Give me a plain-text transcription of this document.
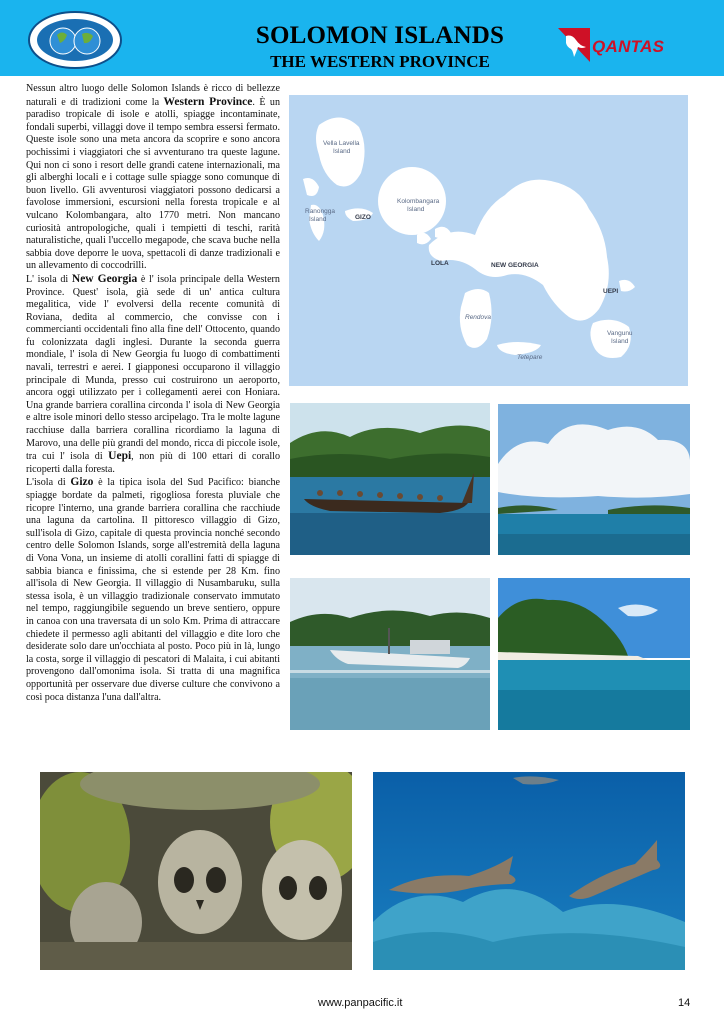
SOLOMON ISLANDS
THE WESTERN PROVINCE
QANTAS

Nessun altro luogo delle Solomon Islands è ricco di bellezze naturali e di tradizioni come la Western Province. È un paradiso tropicale di isole e atolli, spiagge incontaminate, fondali superbi, villaggi dove il tempo sembra essersi fermato. Queste isole sono una meta ancora da scoprire e sono ancora pochissimi i viaggiatori che si avventurano tra queste lagune. Qui non ci sono i resort delle grandi catene internazionali, ma gli alberghi locali e i cottage sulle spiagge sono comunque di buon livello. Gli avventurosi viaggiatori possono dedicarsi a favolose immersioni, escursioni nella foresta tropicale e al vulcano Kolombangara, alto 1770 metri. Non mancano curiosità antropologiche, quali i tempietti di teschi, rarità naturalistiche, quali l'uccello megapode, che scava buche nella sabbia dove deporre le uova, spettacoli di danze tradizionali e un allevamento di coccodrilli.

L' isola di New Georgia è l' isola principale della Western Province. Quest' isola, già sede di un' antica cultura megalitica, vide l' evolversi della recente comunità di Roviana, dedita al commercio, che convisse con i commercianti occidentali fino alla fine dell' Ottocento, quando fu colonizzata dagli inglesi. Durante la seconda guerra mondiale, l' isola di New Georgia fu luogo di combattimenti navali, terrestri e aerei. I giapponesi occuparono il villaggio principale di Munda, presso cui costruirono un aeroporto, ancora oggi utilizzato per i collegamenti aerei con Honiara. Una grande barriera corallina circonda l' isola di New Georgia e altre isole minori dello stesso arcipelago. Tra le molte lagune racchiuse dalla barriera corallina ricordiamo la laguna di Marovo, una delle più grandi del mondo, ricca di piccole isole, tra cui l' isola di Uepi, non più di 100 ettari di corallo ricoperti dalla foresta.

L'isola di Gizo è la tipica isola del Sud Pacifico: bianche spiagge bordate da palmeti, rigogliosa foresta pluviale che ricopre l'interno, una grande barriera corallina che racchiude una laguna da cartolina. Il pittoresco villaggio di Gizo, sull'isola di Gizo, capitale di questa provincia nonché secondo centro delle Solomon Islands, sorge all'estremità della laguna di Vona Vona, un insieme di atolli corallini fatti di spiagge di sabbia bianca e finissima, che si estende per 28 Km. fino all'isola di New Georgia. Il villaggio di Nusambaruku, sulla stessa isola, è un villaggio tradizionale conservato immutato nel tempo, raggiungibile seguendo un breve sentiero, oppure in canoa con una traversata di un solo Km. Prima di attraccare chiedete il permesso agli abitanti del villaggio e dite loro che desiderate solo dare un'occhiata al posto. Poco più in là, lungo la costa, sorge il villaggio di pescatori di Malaita, i cui abitanti provengono dall'omonima isola. Si tratta di una magnifica opportunità per osservare due diverse culture che convivono a così poca distanza l'una dall'altra.

Vella Lavella
Island
Ranongga
Island
Kolombangara
Island
Rendova
Tetepare
Vangunu
Island
GIZO
LOLA	NEW GEORGIA
UEPI
www.panpacific.it	14
